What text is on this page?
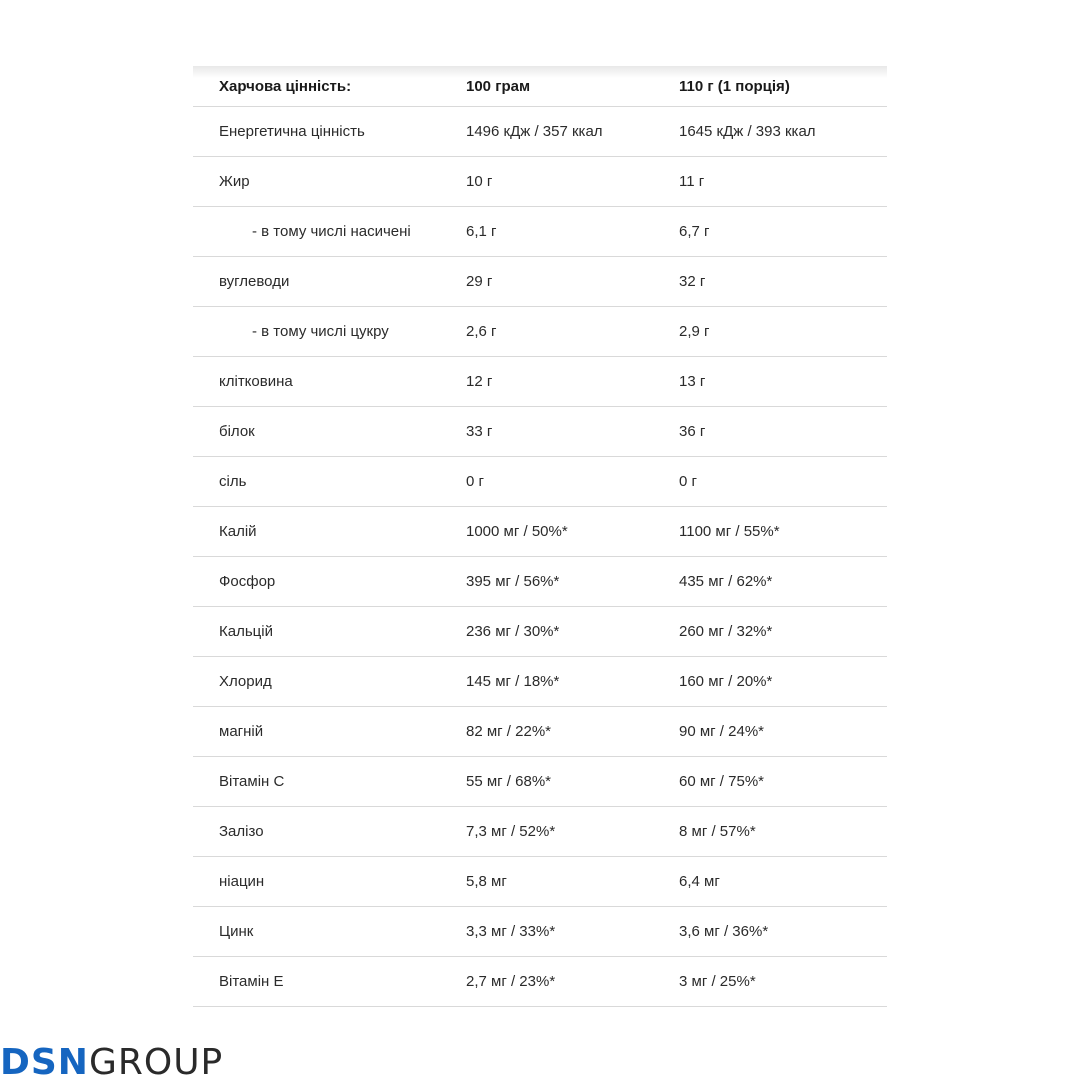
Харчова цінність:	100 грам	110 г (1 порція)
Енергетична цінність	1496 кДж / 357 ккал	1645 кДж / 393 ккал
Жир	10 г	11 г
- в тому числі насичені	6,1 г	6,7 г
вуглеводи	29 г	32 г
- в тому числі цукру	2,6 г	2,9 г
клітковина	12 г	13 г
білок	33 г	36 г
сіль	0 г	0 г
Калій	1000 мг / 50%*	1100 мг / 55%*
Фосфор	395 мг / 56%*	435 мг / 62%*
Кальцій	236 мг / 30%*	260 мг / 32%*
Хлорид	145 мг / 18%*	160 мг / 20%*
магній	82 мг / 22%*	90 мг / 24%*
Вітамін С	55 мг / 68%*	60 мг / 75%*
Залізо	7,3 мг / 52%*	8 мг / 57%*
ніацин	5,8 мг	6,4 мг
Цинк	3,3 мг / 33%*	3,6 мг / 36%*
Вітамін Е	2,7 мг / 23%*	3 мг / 25%*
DSN GROUP
